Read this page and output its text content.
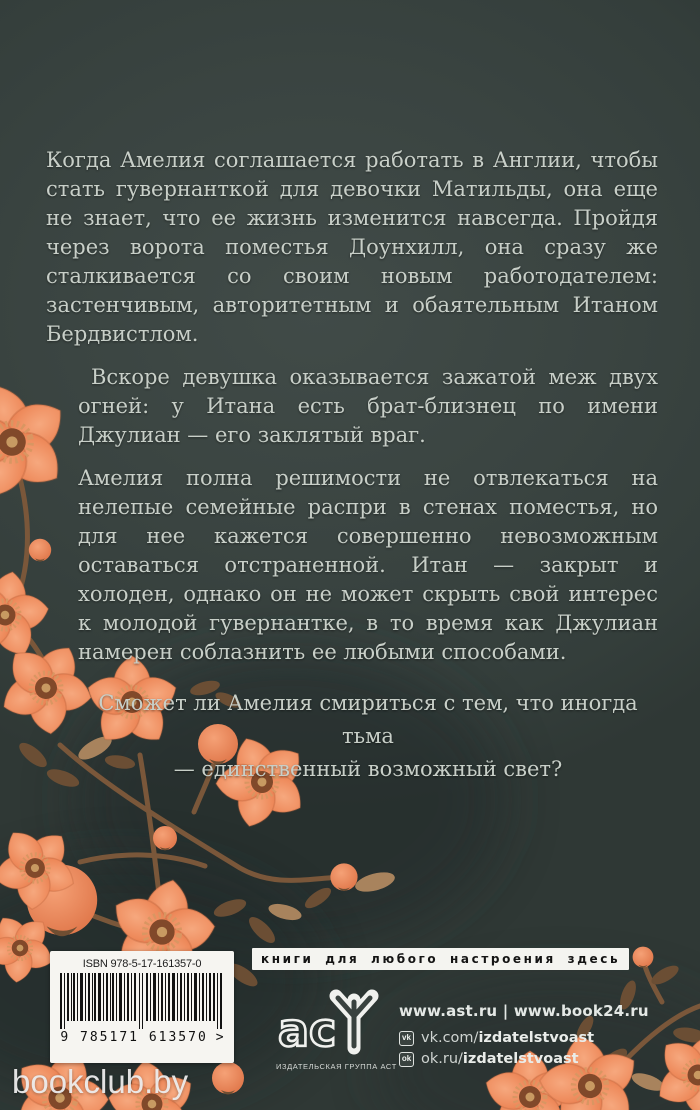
Когда Амелия соглашается работать в Англии, чтобы стать гувернанткой для девочки Матильды, она еще не знает, что ее жизнь изменится навсегда. Пройдя через ворота поместья Доунхилл, она сразу же сталкивается со своим новым работодателем: застенчивым, авторитетным и обаятельным Итаном Бердвистлом.

Вскоре девушка оказывается зажатой меж двух огней: у Итана есть брат-близнец по имени Джулиан — его заклятый враг.

Амелия полна решимости не отвлекаться на нелепые семейные распри в стенах поместья, но для нее кажется совершенно невозможным оставаться отстраненной. Итан — закрыт и холоден, однако он не может скрыть свой интерес к молодой гувернантке, в то время как Джулиан намерен соблазнить ее любыми способами.

Сможет ли Амелия смириться с тем, что иногда тьма
— единственный возможный свет?
ISBN 978-5-17-161357-0
9 785171 613570 >
книги для любого настроения здесь
ас
ИЗДАТЕЛЬСКАЯ ГРУППА АСТ
www.ast.ru | www.book24.ru
vk vk.com/izdatelstvoast
ok ok.ru/izdatelstvoast
bookclub.by
